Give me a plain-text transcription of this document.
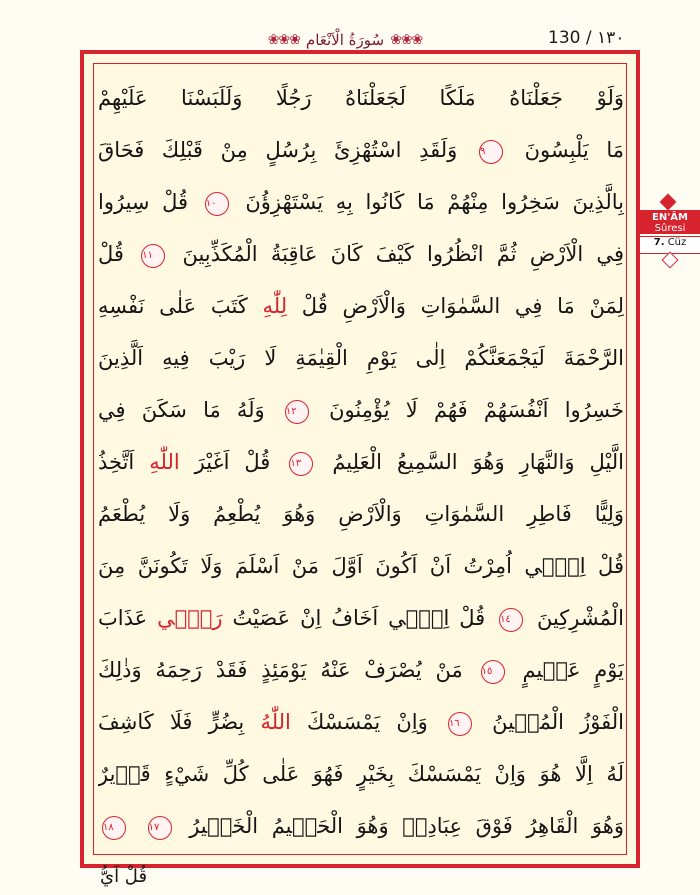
130 / ١٣٠
❀❀❀ سُورَةُ الْاَنْعَامِ ❀❀❀
وَلَوْ جَعَلْنَاهُ مَلَكًا لَجَعَلْنَاهُ رَجُلًا وَلَلَبَسْنَا عَلَيْهِمْ
مَا يَلْبِسُونَ ٩ وَلَقَدِ اسْتُهْزِئَ بِرُسُلٍ مِنْ قَبْلِكَ فَحَاقَ
بِالَّذِينَ سَخِرُوا مِنْهُمْ مَا كَانُوا بِهِ يَسْتَهْزِؤُنَ ١٠ قُلْ سِيرُوا
فِي الْاَرْضِ ثُمَّ انْظُرُوا كَيْفَ كَانَ عَاقِبَةُ الْمُكَذِّبِينَ ١١ قُلْ
لِمَنْ مَا فِي السَّمٰوَاتِ وَالْاَرْضِ قُلْ لِلّٰهِ كَتَبَ عَلٰى نَفْسِهِ
الرَّحْمَةَ لَيَجْمَعَنَّكُمْ اِلٰى يَوْمِ الْقِيٰمَةِ لَا رَيْبَ فِيهِ اَلَّذِينَ
خَسِرُوا اَنْفُسَهُمْ فَهُمْ لَا يُؤْمِنُونَ ١٢ وَلَهُ مَا سَكَنَ فِي
الَّيْلِ وَالنَّهَارِ وَهُوَ السَّمِيعُ الْعَلِيمُ ١٣ قُلْ اَغَيْرَ اللّٰهِ اَتَّخِذُ
وَلِيًّا فَاطِرِ السَّمٰوَاتِ وَالْاَرْضِ وَهُوَ يُطْعِمُ وَلَا يُطْعَمُ
قُلْ اِنّ۪ي اُمِرْتُ اَنْ اَكُونَ اَوَّلَ مَنْ اَسْلَمَ وَلَا تَكُونَنَّ مِنَ
الْمُشْرِكِينَ ١٤ قُلْ اِنّ۪ي اَخَافُ اِنْ عَصَيْتُ رَبّ۪ي عَذَابَ
يَوْمٍ عَظ۪يمٍ ١٥ مَنْ يُصْرَفْ عَنْهُ يَوْمَئِذٍ فَقَدْ رَحِمَهُ وَذٰلِكَ
الْفَوْزُ الْمُب۪ينُ ١٦ وَاِنْ يَمْسَسْكَ اللّٰهُ بِضُرٍّ فَلَا كَاشِفَ
لَهُ اِلَّا هُوَ وَاِنْ يَمْسَسْكَ بِخَيْرٍ فَهُوَ عَلٰى كُلِّ شَيْءٍ قَد۪يرٌ
وَهُوَ الْقَاهِرُ فَوْقَ عِبَادِه۪ وَهُوَ الْحَك۪يمُ الْخَب۪يرُ ١٧ ١٨
EN'ÂM
Sûresi
7. Cüz
قُلْ اَيُّ
